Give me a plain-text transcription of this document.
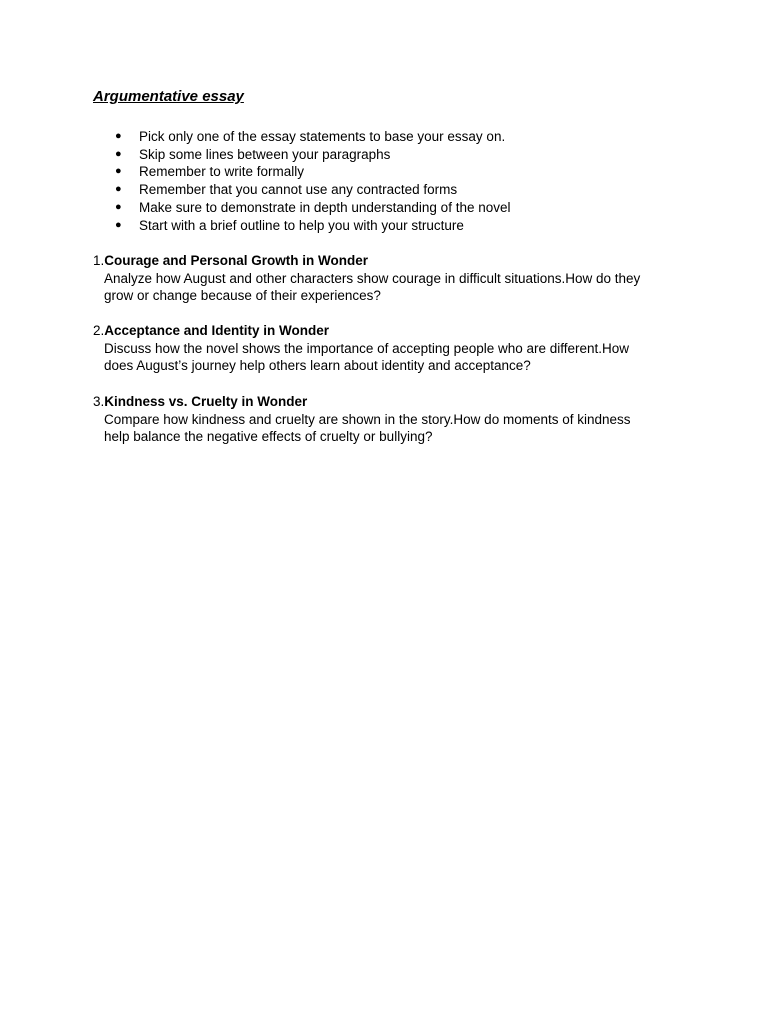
Argumentative essay
● Pick only one of the essay statements to base your essay on.
● Skip some lines between your paragraphs
● Remember to write formally
● Remember that you cannot use any contracted forms
● Make sure to demonstrate in depth understanding of the novel
● Start with a brief outline to help you with your structure
1.Courage and Personal Growth in Wonder

Analyze how August and other characters show courage in difficult situations.How do they
grow or change because of their experiences?

2.Acceptance and Identity in Wonder

Discuss how the novel shows the importance of accepting people who are different.How
does August’s journey help others learn about identity and acceptance?

3.Kindness vs. Cruelty in Wonder

Compare how kindness and cruelty are shown in the story.How do moments of kindness
help balance the negative effects of cruelty or bullying?
